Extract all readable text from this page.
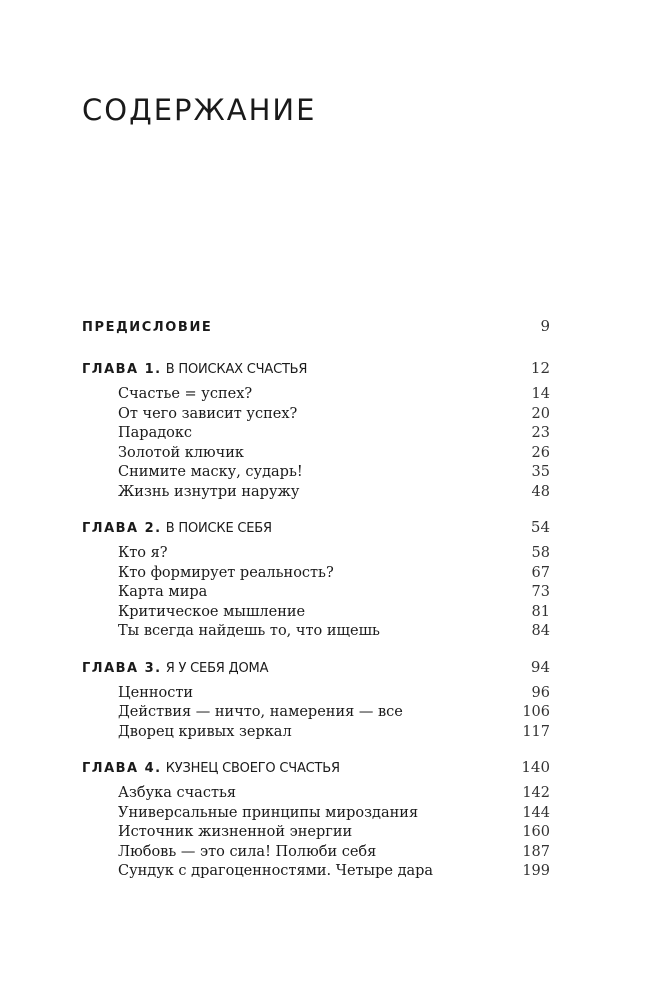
СОДЕРЖАНИЕ
ПРЕДИСЛОВИЕ	9
ГЛАВА 1. В ПОИСКАХ СЧАСТЬЯ	12
Счастье = успех?	14
От чего зависит успех?	20
Парадокс	23
Золотой ключик	26
Снимите маску, сударь!	35
Жизнь изнутри наружу	48
ГЛАВА 2. В ПОИСКЕ СЕБЯ	54
Кто я?	58
Кто формирует реальность?	67
Карта мира	73
Критическое мышление	81
Ты всегда найдешь то, что ищешь	84
ГЛАВА 3. Я У СЕБЯ ДОМА	94
Ценности	96
Действия — ничто, намерения — все	106
Дворец кривых зеркал	117
ГЛАВА 4. КУЗНЕЦ СВОЕГО СЧАСТЬЯ	140
Азбука счастья	142
Универсальные принципы мироздания	144
Источник жизненной энергии	160
Любовь — это сила! Полюби себя	187
Сундук с драгоценностями. Четыре дара	199
